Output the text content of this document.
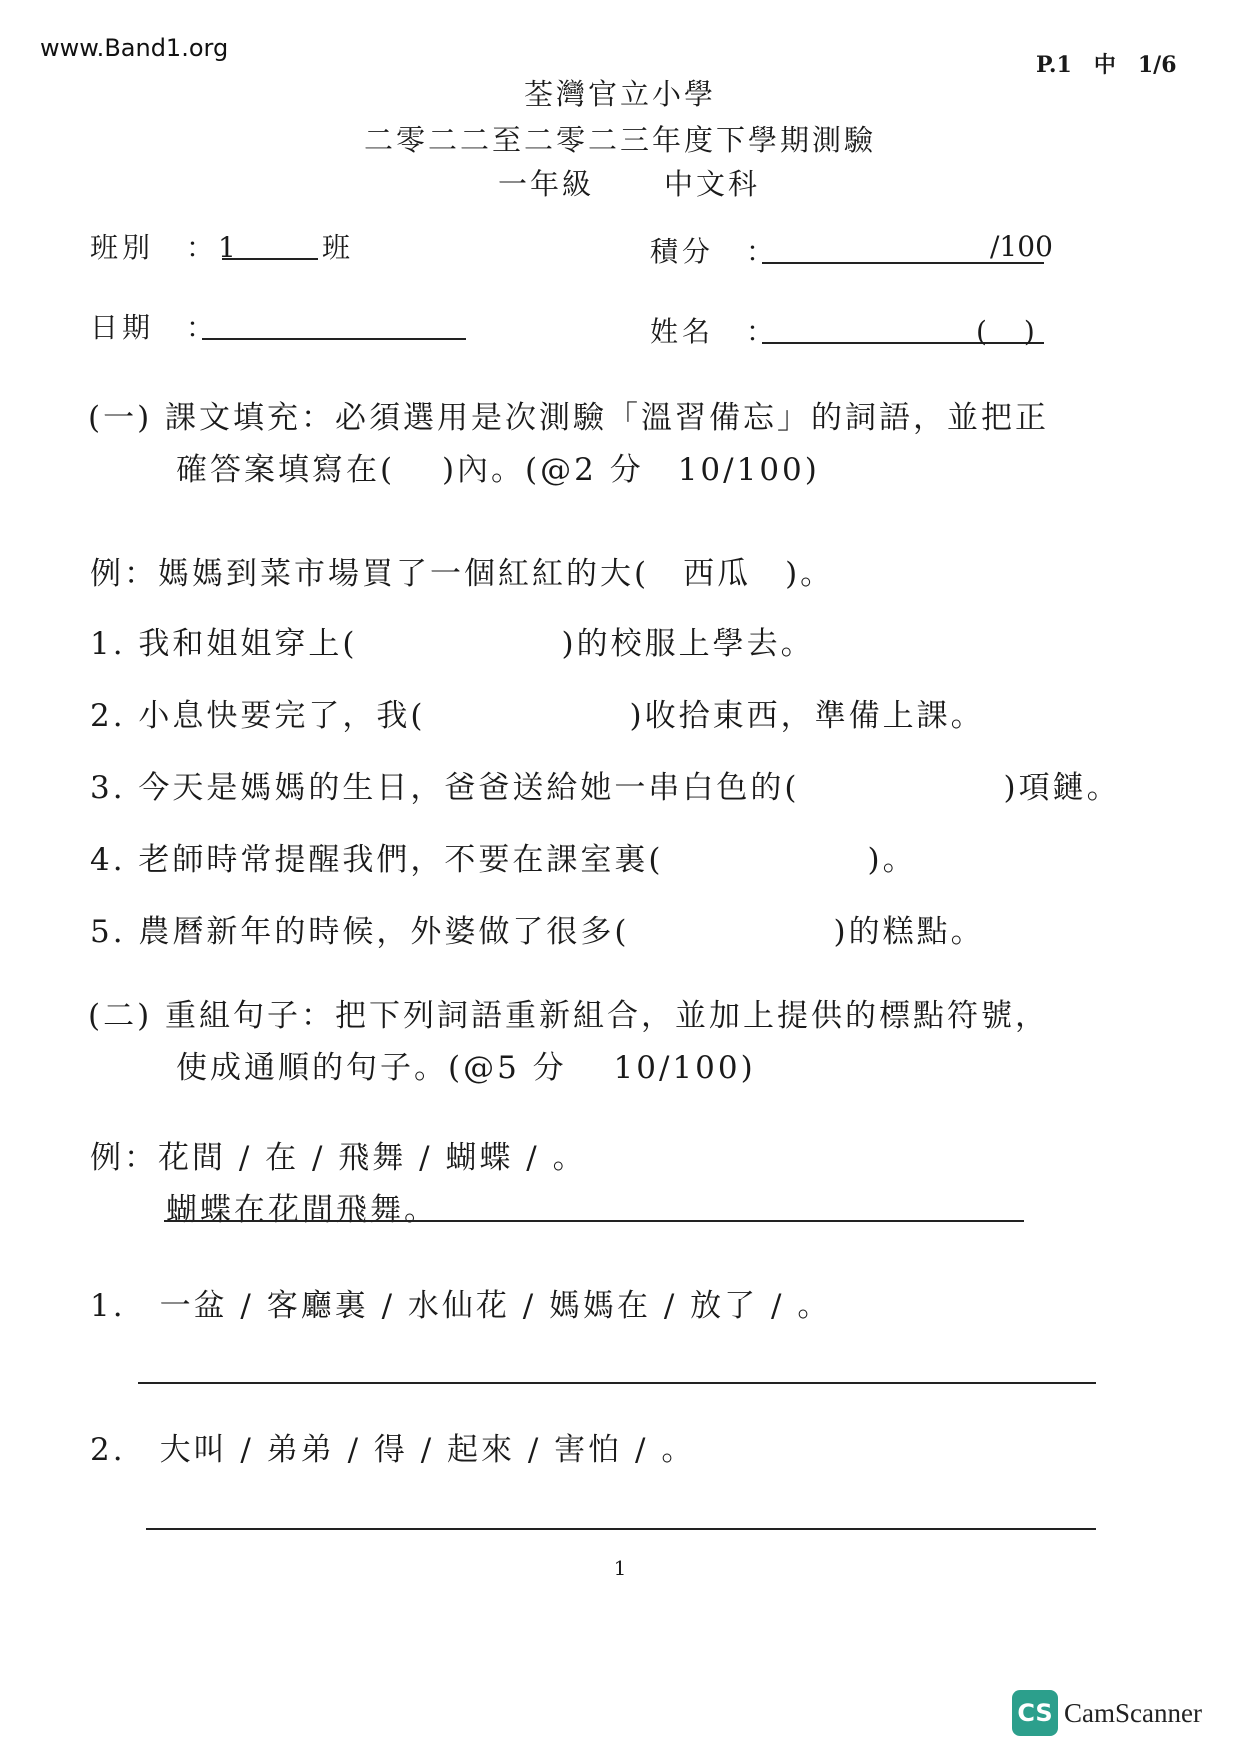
www.Band1.org
P.1　中　1/6
荃灣官立小學
二零二二至二零二三年度下學期測驗
一年級 中文科
班別　：1	班	積分　：	/100
日期　：	姓名　：	(　 )
(一) 課文填充：必須選用是次測驗「溫習備忘」的詞語，並把正
確答案填寫在(　 )內。(@2 分　10/100)
例：媽媽到菜市場買了一個紅紅的大(　西瓜　)。
1. 我和姐姐穿上(　　　　　　)的校服上學去。
2. 小息快要完了，我(　　　　　　)收拾東西，準備上課。
3. 今天是媽媽的生日，爸爸送給她一串白色的(　　　　　　)項鏈。
4. 老師時常提醒我們，不要在課室裏(　　　　　　)。
5. 農曆新年的時候，外婆做了很多(　　　　　　)的糕點。
(二) 重組句子：把下列詞語重新組合，並加上提供的標點符號，
使成通順的句子。(@5 分　 10/100)
例：花間 / 在 / 飛舞 / 蝴蝶 / 。
蝴蝶在花間飛舞。
1.　一盆 / 客廳裏 / 水仙花 / 媽媽在 / 放了 / 。
2.　大叫 / 弟弟 / 得 / 起來 / 害怕 / 。
1
CS CamScanner
